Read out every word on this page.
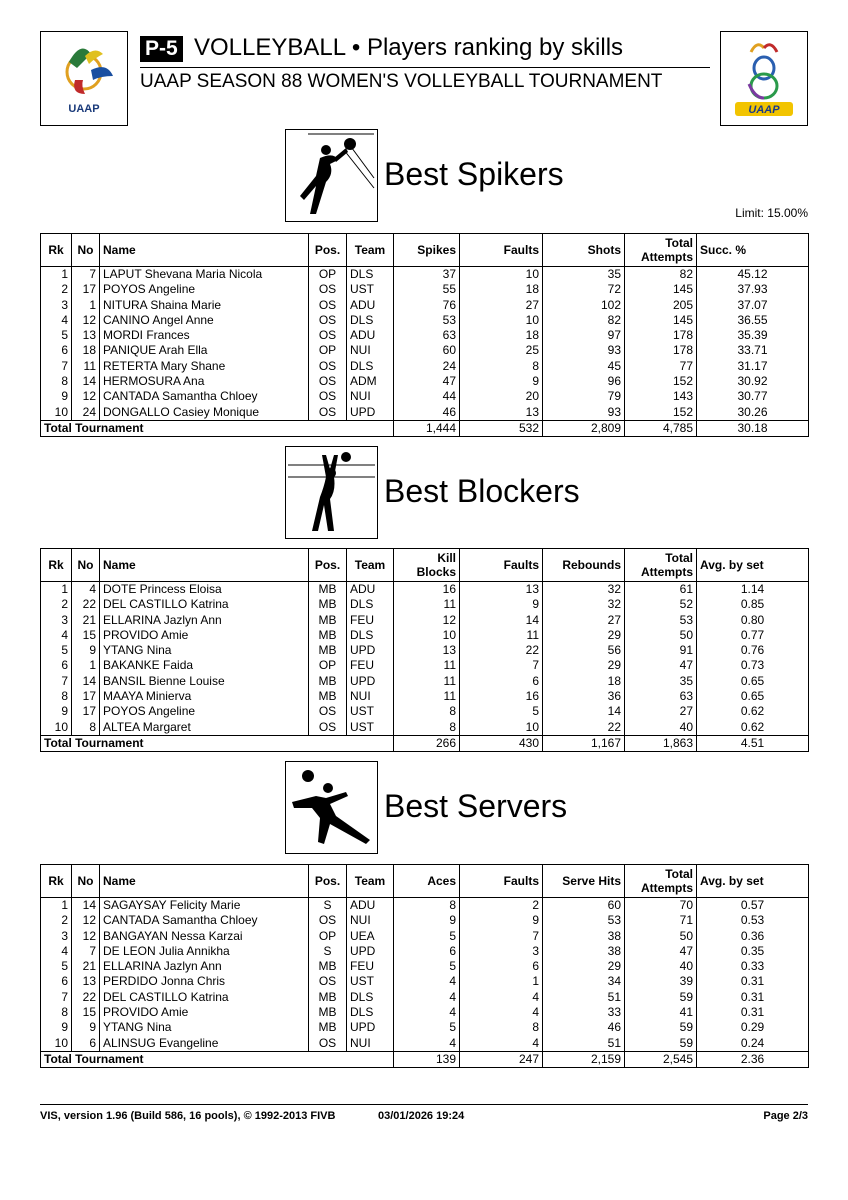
UAAP
P-5 VOLLEYBALL • Players ranking by skills
UAAP SEASON 88 WOMEN'S VOLLEYBALL TOURNAMENT
UAAP
Best Spikers
Limit: 15.00%
Rk	No	Name	Pos.	Team	Spikes	Faults	Shots	Total Attempts	Succ. %
1	7	LAPUT Shevana Maria Nicola	OP	DLS	37	10	35	82	45.12
2	17	POYOS Angeline	OS	UST	55	18	72	145	37.93
3	1	NITURA Shaina Marie	OS	ADU	76	27	102	205	37.07
4	12	CANINO Angel Anne	OS	DLS	53	10	82	145	36.55
5	13	MORDI Frances	OS	ADU	63	18	97	178	35.39
6	18	PANIQUE Arah Ella	OP	NUI	60	25	93	178	33.71
7	11	RETERTA Mary Shane	OS	DLS	24	8	45	77	31.17
8	14	HERMOSURA Ana	OS	ADM	47	9	96	152	30.92
9	12	CANTADA Samantha Chloey	OS	NUI	44	20	79	143	30.77
10	24	DONGALLO Casiey Monique	OS	UPD	46	13	93	152	30.26
Total Tournament					1,444	532	2,809	4,785	30.18
Best Blockers
Rk	No	Name	Pos.	Team	Kill Blocks	Faults	Rebounds	Total Attempts	Avg. by set
1	4	DOTE Princess Eloisa	MB	ADU	16	13	32	61	1.14
2	22	DEL CASTILLO Katrina	MB	DLS	11	9	32	52	0.85
3	21	ELLARINA Jazlyn Ann	MB	FEU	12	14	27	53	0.80
4	15	PROVIDO Amie	MB	DLS	10	11	29	50	0.77
5	9	YTANG Nina	MB	UPD	13	22	56	91	0.76
6	1	BAKANKE Faida	OP	FEU	11	7	29	47	0.73
7	14	BANSIL Bienne Louise	MB	UPD	11	6	18	35	0.65
8	17	MAAYA Minierva	MB	NUI	11	16	36	63	0.65
9	17	POYOS Angeline	OS	UST	8	5	14	27	0.62
10	8	ALTEA Margaret	OS	UST	8	10	22	40	0.62
Total Tournament					266	430	1,167	1,863	4.51
Best Servers
Rk	No	Name	Pos.	Team	Aces	Faults	Serve Hits	Total Attempts	Avg. by set
1	14	SAGAYSAY Felicity Marie	S	ADU	8	2	60	70	0.57
2	12	CANTADA Samantha Chloey	OS	NUI	9	9	53	71	0.53
3	12	BANGAYAN Nessa Karzai	OP	UEA	5	7	38	50	0.36
4	7	DE LEON Julia Annikha	S	UPD	6	3	38	47	0.35
5	21	ELLARINA Jazlyn Ann	MB	FEU	5	6	29	40	0.33
6	13	PERDIDO Jonna Chris	OS	UST	4	1	34	39	0.31
7	22	DEL CASTILLO Katrina	MB	DLS	4	4	51	59	0.31
8	15	PROVIDO Amie	MB	DLS	4	4	33	41	0.31
9	9	YTANG Nina	MB	UPD	5	8	46	59	0.29
10	6	ALINSUG Evangeline	OS	NUI	4	4	51	59	0.24
Total Tournament					139	247	2,159	2,545	2.36
VIS, version 1.96 (Build 586, 16 pools), © 1992-2013 FIVB	03/01/2026 19:24	Page 2/3
